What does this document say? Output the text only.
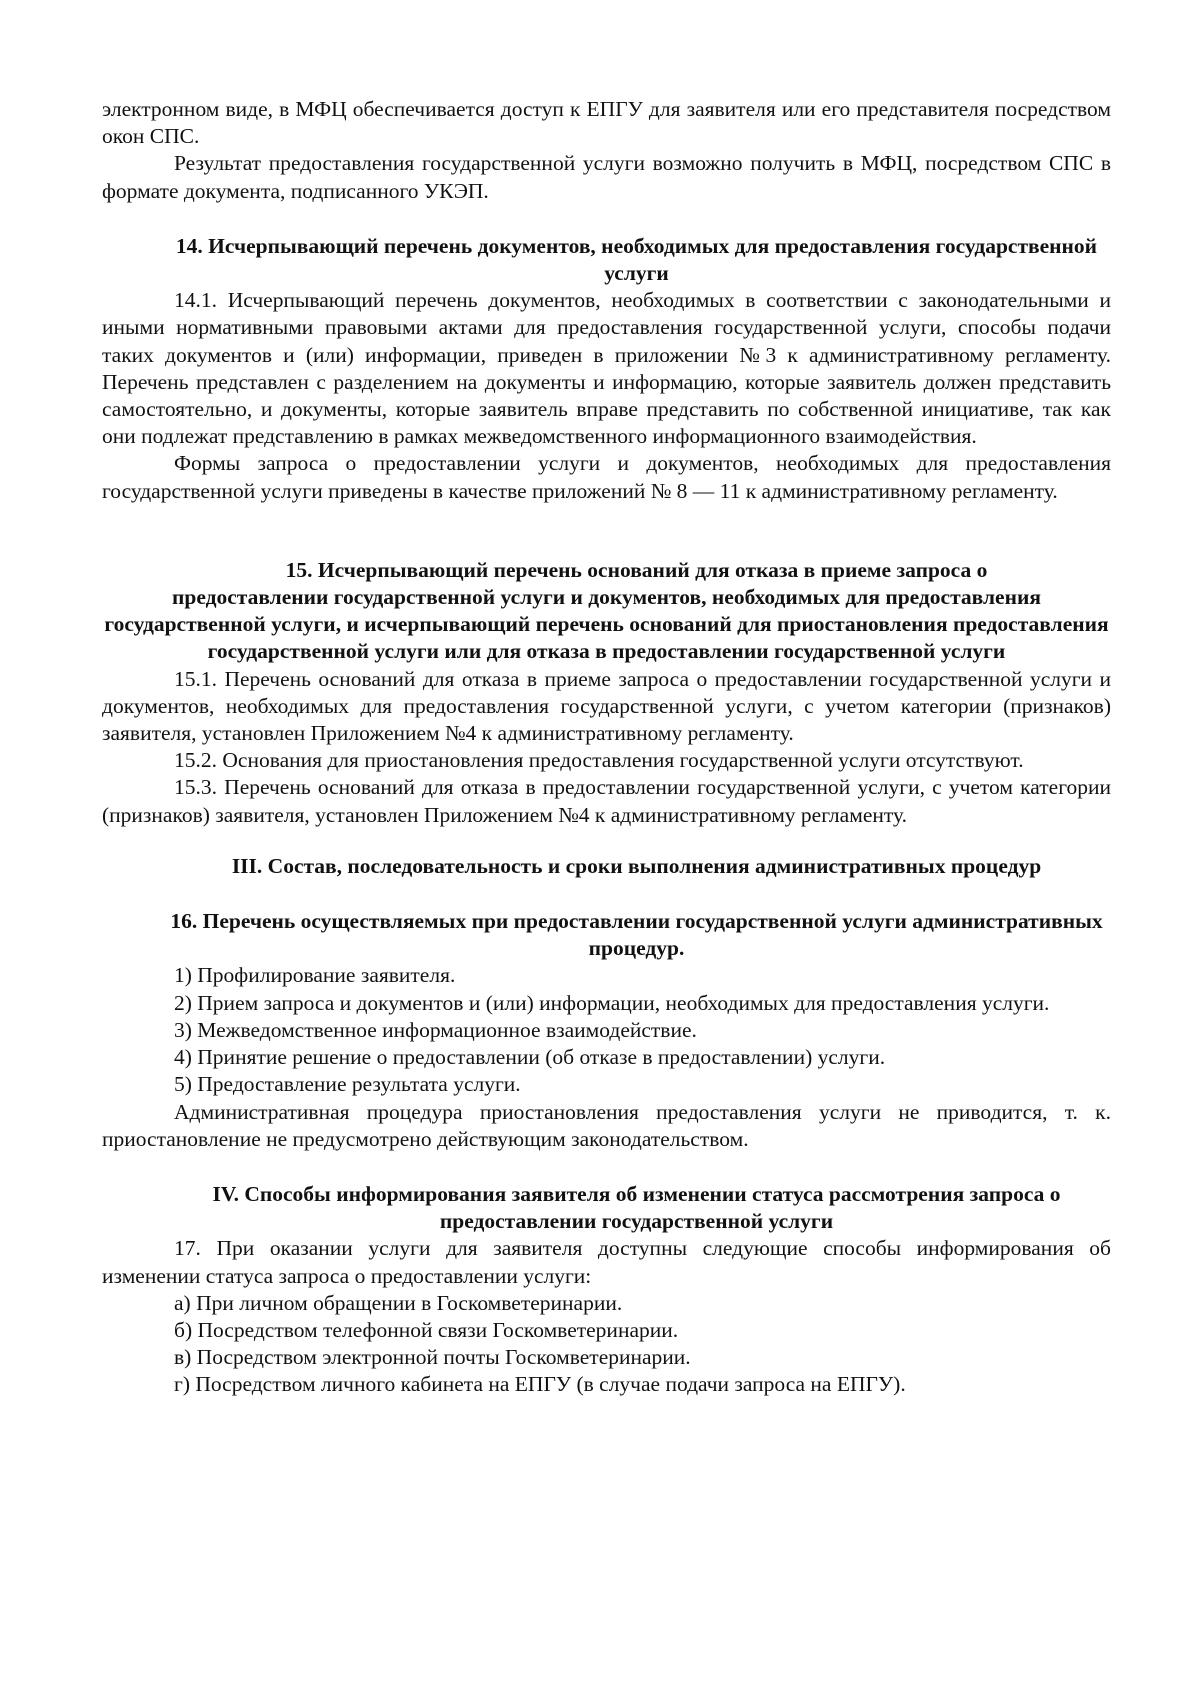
электронном виде, в МФЦ обеспечивается доступ к ЕПГУ для заявителя или его представителя посредством окон СПС.

Результат предоставления государственной услуги возможно получить в МФЦ, посредством СПС в формате документа, подписанного УКЭП.

14. Исчерпывающий перечень документов, необходимых для предоставления государственной услуги

14.1. Исчерпывающий перечень документов, необходимых в соответствии с законодательными и иными нормативными правовыми актами для предоставления государственной услуги, способы подачи таких документов и (или) информации, приведен в приложении №3 к административному регламенту. Перечень представлен с разделением на документы и информацию, которые заявитель должен представить самостоятельно, и документы, которые заявитель вправе представить по собственной инициативе, так как они подлежат представлению в рамках межведомственного информационного взаимодействия.

Формы запроса о предоставлении услуги и документов, необходимых для предоставления государственной услуги приведены в качестве приложений № 8 — 11 к административному регламенту.

15. Исчерпывающий перечень оснований для отказа в приеме запроса о
предоставлении государственной услуги и документов, необходимых для предоставления государственной услуги, и исчерпывающий перечень оснований для приостановления предоставления государственной услуги или для отказа в предоставлении государственной услуги

15.1. Перечень оснований для отказа в приеме запроса о предоставлении государственной услуги и документов, необходимых для предоставления государственной услуги, с учетом категории (признаков) заявителя, установлен Приложением №4 к административному регламенту.

15.2. Основания для приостановления предоставления государственной услуги отсутствуют.

15.3. Перечень оснований для отказа в предоставлении государственной услуги, с учетом категории (признаков) заявителя, установлен Приложением №4 к административному регламенту.

III. Состав, последовательность и сроки выполнения административных процедур
16. Перечень осуществляемых при предоставлении государственной услуги административных процедур.

1) Профилирование заявителя.

2) Прием запроса и документов и (или) информации, необходимых для предоставления услуги.

3) Межведомственное информационное взаимодействие.

4) Принятие решение о предоставлении (об отказе в предоставлении) услуги.

5) Предоставление результата услуги.

Административная процедура приостановления предоставления услуги не приводится, т. к. приостановление не предусмотрено действующим законодательством.

IV. Способы информирования заявителя об изменении статуса рассмотрения запроса о предоставлении государственной услуги

17. При оказании услуги для заявителя доступны следующие способы информирования об изменении статуса запроса о предоставлении услуги:

а) При личном обращении в Госкомветеринарии.

б) Посредством телефонной связи Госкомветеринарии.

в) Посредством электронной почты Госкомветеринарии.

г) Посредством личного кабинета на ЕПГУ (в случае подачи запроса на ЕПГУ).
